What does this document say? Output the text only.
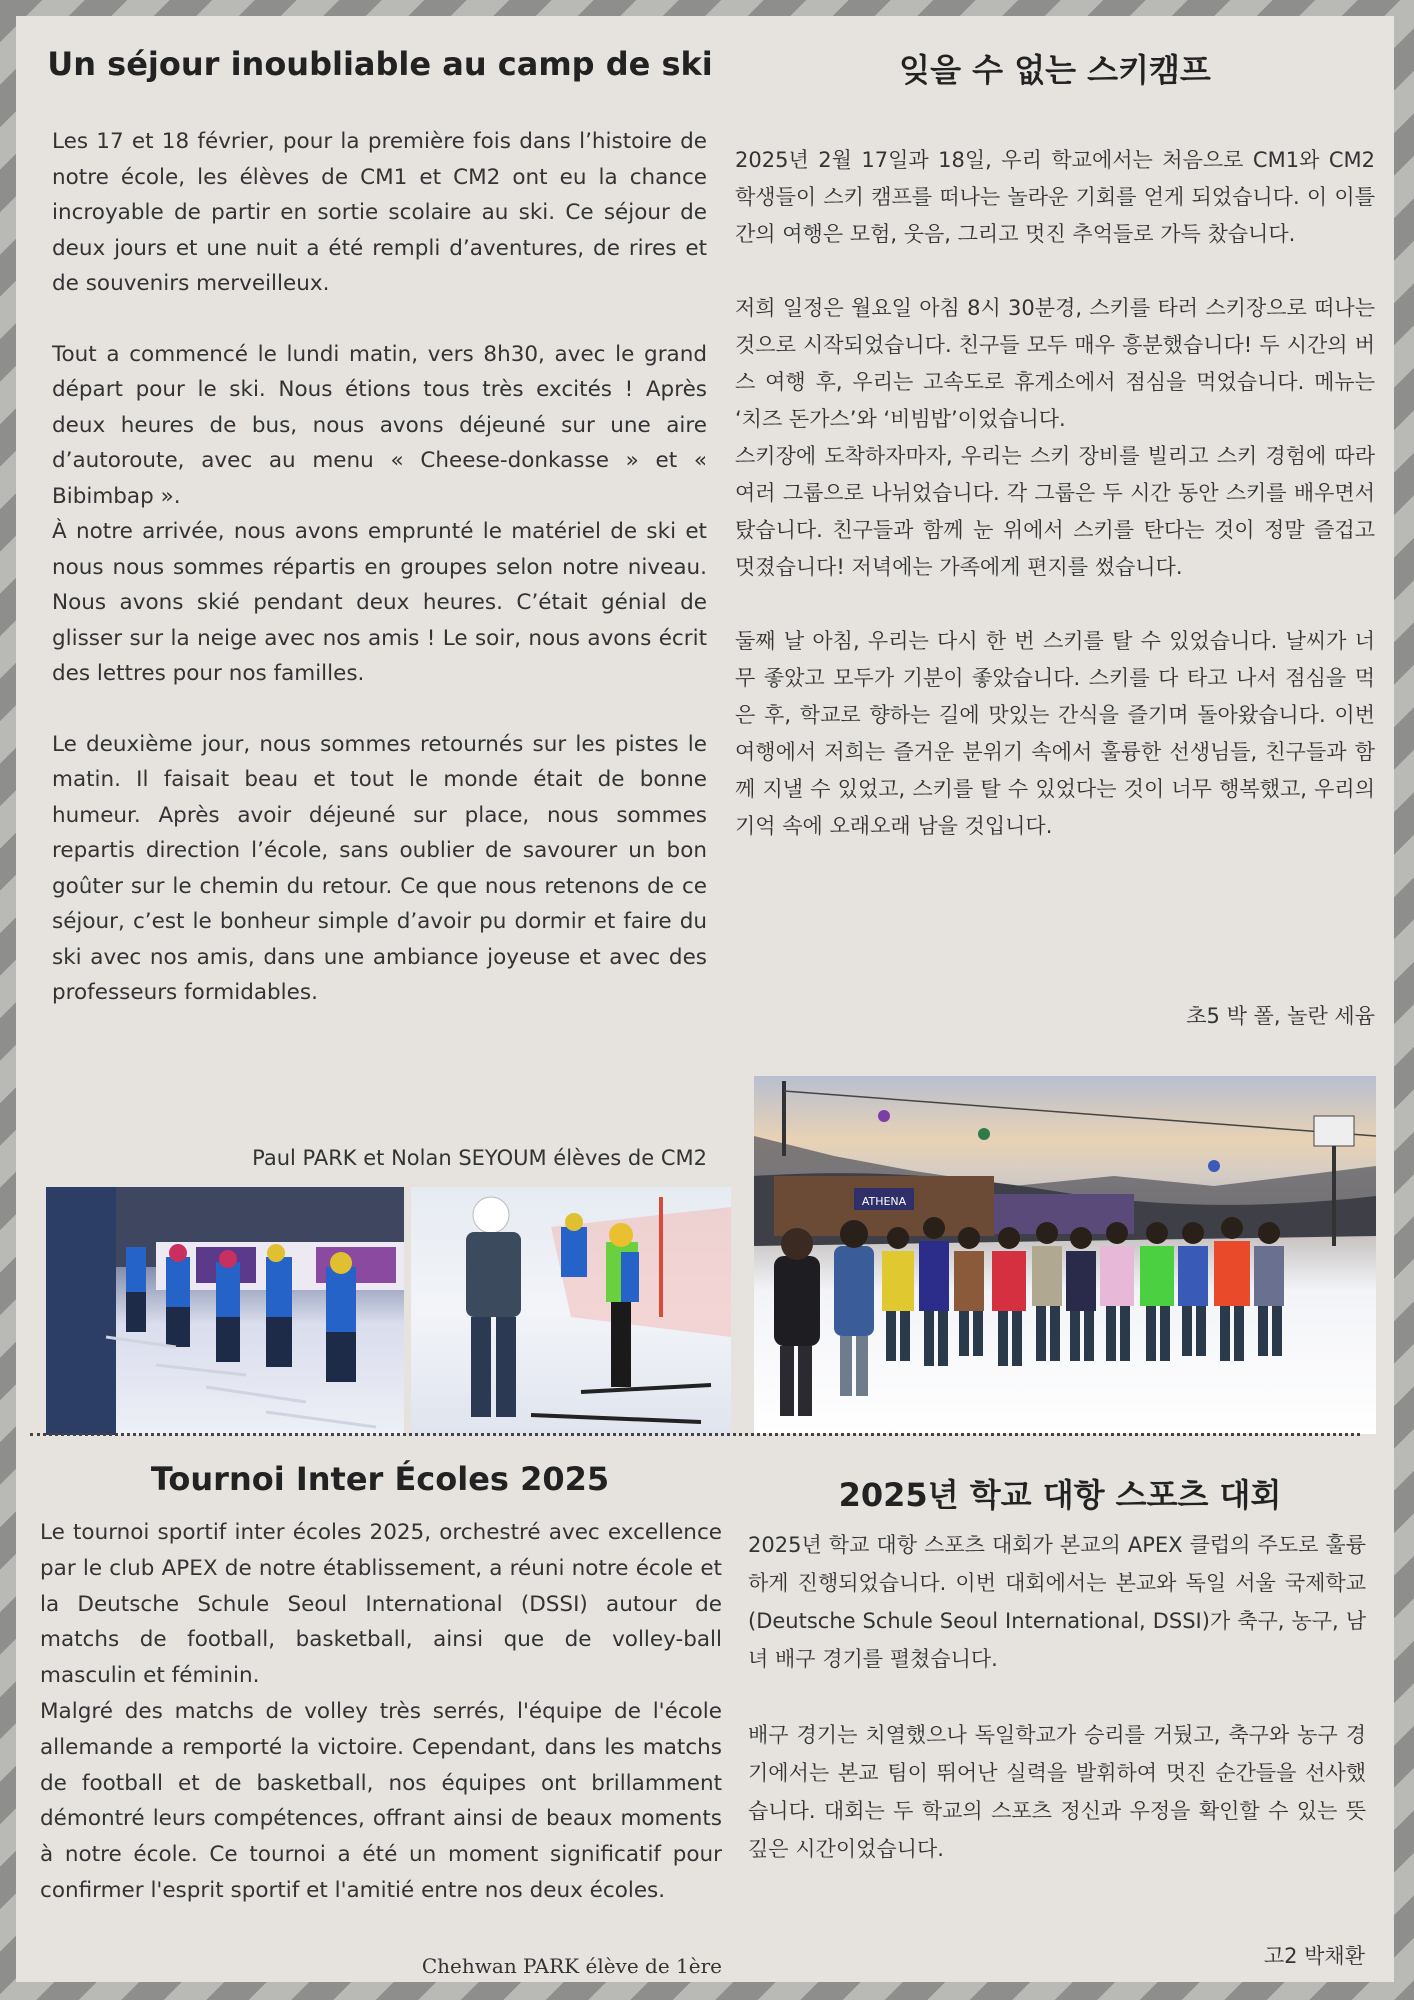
Un séjour inoubliable au camp de ski

Les 17 et 18 février, pour la première fois dans l’histoire de notre école, les élèves de CM1 et CM2 ont eu la chance incroyable de partir en sortie scolaire au ski. Ce séjour de deux jours et une nuit a été rempli d’aventures, de rires et de souvenirs merveilleux.

Tout a commencé le lundi matin, vers 8h30, avec le grand départ pour le ski. Nous étions tous très excités ! Après deux heures de bus, nous avons déjeuné sur une aire d’autoroute, avec au menu « Cheese-donkasse » et « Bibimbap ».

À notre arrivée, nous avons emprunté le matériel de ski et nous nous sommes répartis en groupes selon notre niveau. Nous avons skié pendant deux heures. C’était génial de glisser sur la neige avec nos amis ! Le soir, nous avons écrit des lettres pour nos familles.

Le deuxième jour, nous sommes retournés sur les pistes le matin. Il faisait beau et tout le monde était de bonne humeur. Après avoir déjeuné sur place, nous sommes repartis direction l’école, sans oublier de savourer un bon goûter sur le chemin du retour. Ce que nous retenons de ce séjour, c’est le bonheur simple d’avoir pu dormir et faire du ski avec nos amis, dans une ambiance joyeuse et avec des professeurs formidables.

Paul PARK et Nolan SEYOUM élèves de CM2
잊을 수 없는 스키캠프

2025년 2월 17일과 18일, 우리 학교에서는 처음으로 CM1와 CM2 학생들이 스키 캠프를 떠나는 놀라운 기회를 얻게 되었습니다. 이 이틀간의 여행은 모험, 웃음, 그리고 멋진 추억들로 가득 찼습니다.

저희 일정은 월요일 아침 8시 30분경, 스키를 타러 스키장으로 떠나는 것으로 시작되었습니다. 친구들 모두 매우 흥분했습니다! 두 시간의 버스 여행 후, 우리는 고속도로 휴게소에서 점심을 먹었습니다. 메뉴는 ‘치즈 돈가스’와 ‘비빔밥’이었습니다.

스키장에 도착하자마자, 우리는 스키 장비를 빌리고 스키 경험에 따라 여러 그룹으로 나뉘었습니다. 각 그룹은 두 시간 동안 스키를 배우면서 탔습니다. 친구들과 함께 눈 위에서 스키를 탄다는 것이 정말 즐겁고 멋졌습니다! 저녁에는 가족에게 편지를 썼습니다.

둘째 날 아침, 우리는 다시 한 번 스키를 탈 수 있었습니다. 날씨가 너무 좋았고 모두가 기분이 좋았습니다. 스키를 다 타고 나서 점심을 먹은 후, 학교로 향하는 길에 맛있는 간식을 즐기며 돌아왔습니다. 이번 여행에서 저희는 즐거운 분위기 속에서 훌륭한 선생님들, 친구들과 함께 지낼 수 있었고, 스키를 탈 수 있었다는 것이 너무 행복했고, 우리의 기억 속에 오래오래 남을 것입니다.

초5 박 폴, 놀란 세윰
ATHENA
Tournoi Inter Écoles 2025

Le tournoi sportif inter écoles 2025, orchestré avec excellence par le club APEX de notre établissement, a réuni notre école et la Deutsche Schule Seoul International (DSSI) autour de matchs de football, basketball, ainsi que de volley-ball masculin et féminin.

Malgré des matchs de volley très serrés, l'équipe de l'école allemande a remporté la victoire. Cependant, dans les matchs de football et de basketball, nos équipes ont brillamment démontré leurs compétences, offrant ainsi de beaux moments à notre école. Ce tournoi a été un moment significatif pour confirmer l'esprit sportif et l'amitié entre nos deux écoles.

Chehwan PARK élève de 1ère
2025년 학교 대항 스포츠 대회

2025년 학교 대항 스포츠 대회가 본교의 APEX 클럽의 주도로 훌륭하게 진행되었습니다. 이번 대회에서는 본교와 독일 서울 국제학교(Deutsche Schule Seoul International, DSSI)가 축구, 농구, 남녀 배구 경기를 펼쳤습니다.

배구 경기는 치열했으나 독일학교가 승리를 거뒀고, 축구와 농구 경기에서는 본교 팀이 뛰어난 실력을 발휘하여 멋진 순간들을 선사했습니다. 대회는 두 학교의 스포츠 정신과 우정을 확인할 수 있는 뜻 깊은 시간이었습니다.

고2 박채환
